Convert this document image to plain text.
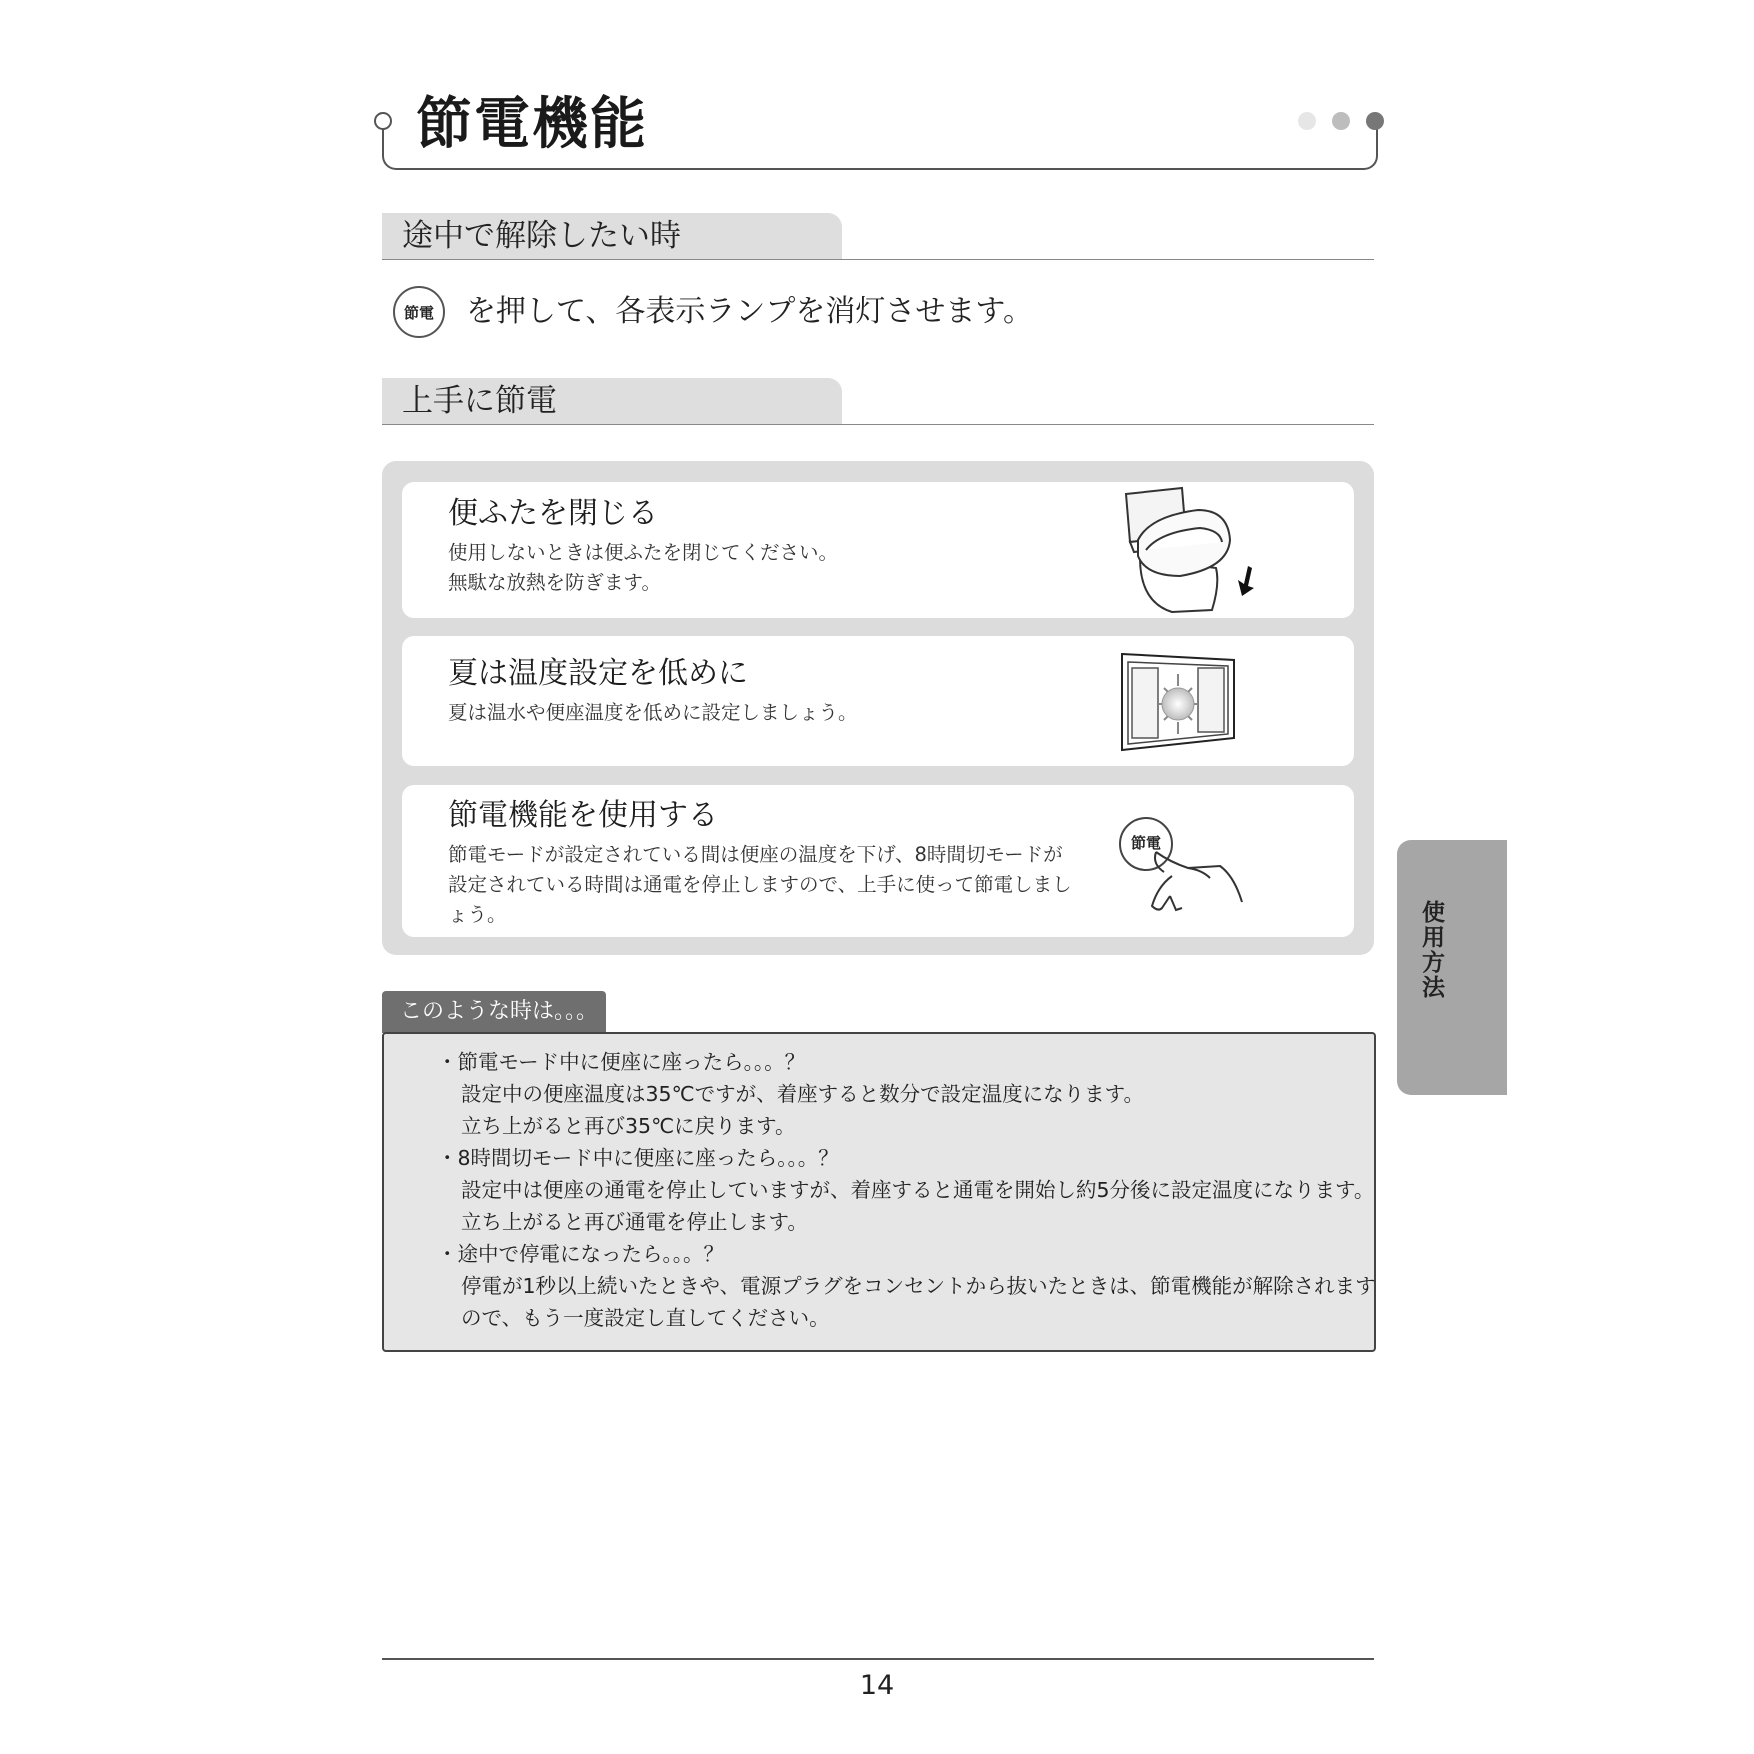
節電機能
途中で解除したい時
節電 を押して、各表示ランプを消灯させます。
上手に節電
便ふたを閉じる
使用しないときは便ふたを閉じてください。
無駄な放熱を防ぎます。
夏は温度設定を低めに
夏は温水や便座温度を低めに設定しましょう。
節電機能を使用する
節電モードが設定されている間は便座の温度を下げ、8時間切モードが
設定されている時間は通電を停止しますので、上手に使って節電しまし
ょう。
節電
使用方法
このような時は。。。
・節電モード中に便座に座ったら。。。？
設定中の便座温度は35℃ですが、着座すると数分で設定温度になります。
立ち上がると再び35℃に戻ります。
・8時間切モード中に便座に座ったら。。。？
設定中は便座の通電を停止していますが、着座すると通電を開始し約5分後に設定温度になります。
立ち上がると再び通電を停止します。
・途中で停電になったら。。。？
停電が1秒以上続いたときや、電源プラグをコンセントから抜いたときは、節電機能が解除されます
ので、もう一度設定し直してください。
14
